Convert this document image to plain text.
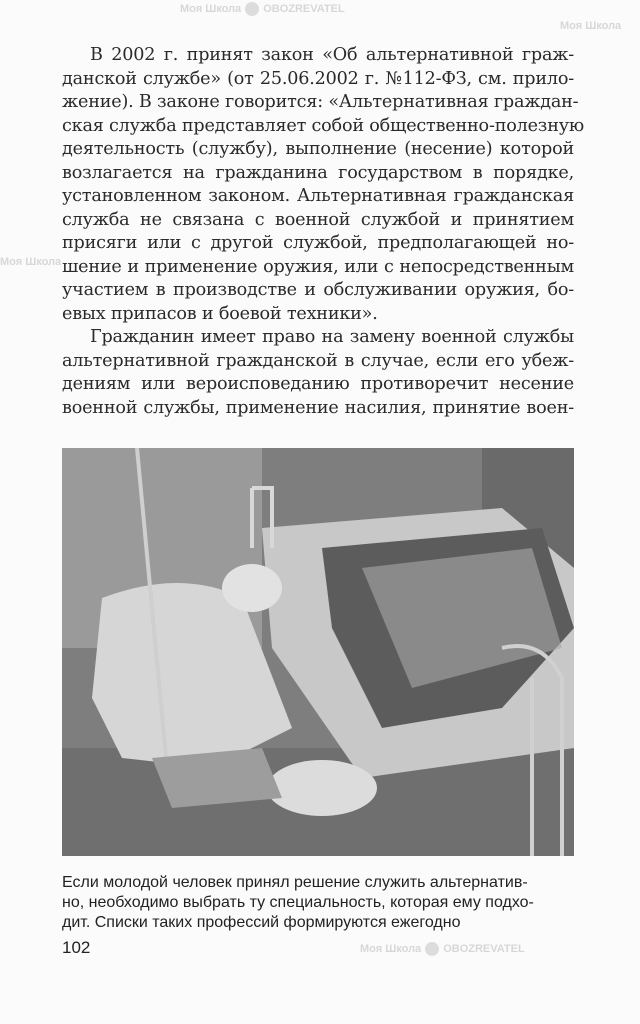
Моя Школа OBOZREVATEL
Моя Школа
Моя Школа
Моя Школа OBOZREVATEL
В 2002 г. принят закон «Об альтернативной граж-
данской службе» (от 25.06.2002 г. №112-ФЗ, см. прило-
жение). В законе говорится: «Альтернативная граждан-
ская служба представляет собой общественно-полезную
деятельность (службу), выполнение (несение) которой
возлагается на гражданина государством в порядке,
установленном законом. Альтернативная гражданская
служба не связана с военной службой и принятием
присяги или с другой службой, предполагающей но-
шение и применение оружия, или с непосредственным
участием в производстве и обслуживании оружия, бо-
евых припасов и боевой техники».
Гражданин имеет право на замену военной службы
альтернативной гражданской в случае, если его убеж-
дениям или вероисповеданию противоречит несение
военной службы, применение насилия, принятие воен-
Если молодой человек принял решение служить альтернатив-
но, необходимо выбрать ту специальность, которая ему подхо-
дит. Списки таких профессий формируются ежегодно
102
